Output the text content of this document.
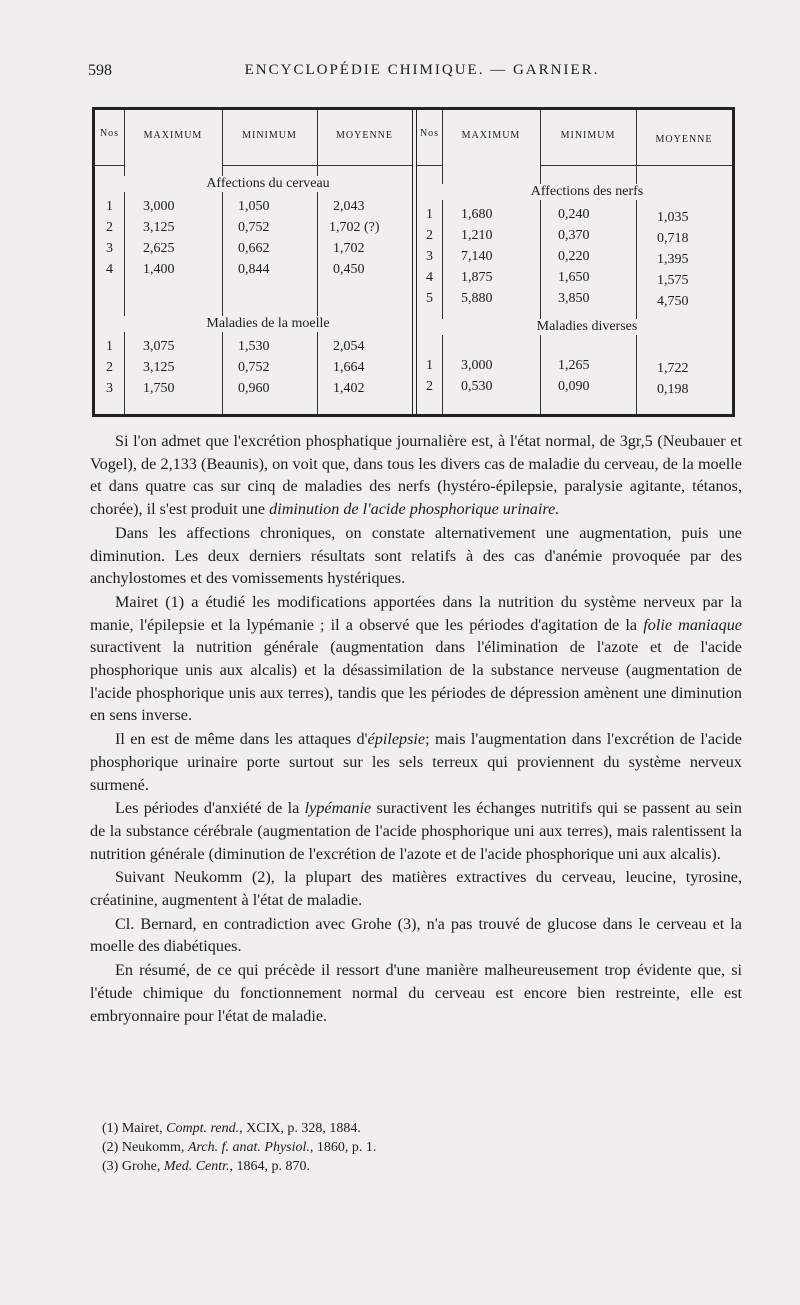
598	ENCYCLOPÉDIE CHIMIQUE. — GARNIER.
Nos	MAXIMUM	MINIMUM	MOYENNE
Affections du cerveau
1	3,000	1,050	2,043
2	3,125	0,752	1,702 (?)
3	2,625	0,662	1,702
4	1,400	0,844	0,450
Maladies de la moelle
1	3,075	1,530	2,054
2	3,125	0,752	1,664
3	1,750	0,960	1,402
Nos	MAXIMUM	MINIMUM	MOYENNE
Affections des nerfs
1	1,680	0,240	1,035
2	1,210	0,370	0,718
3	7,140	0,220	1,395
4	1,875	1,650	1,575
5	5,880	3,850	4,750
Maladies diverses
1	3,000	1,265	1,722
2	0,530	0,090	0,198

Si l'on admet que l'excrétion phosphatique journalière est, à l'état normal, de 3gr,5 (Neubauer et Vogel), de 2,133 (Beaunis), on voit que, dans tous les divers cas de maladie du cerveau, de la moelle et dans quatre cas sur cinq de maladies des nerfs (hystéro-épilepsie, paralysie agitante, tétanos, chorée), il s'est produit une diminution de l'acide phosphorique urinaire.

Dans les affections chroniques, on constate alternativement une augmentation, puis une diminution. Les deux derniers résultats sont relatifs à des cas d'anémie provoquée par des anchylostomes et des vomissements hystériques.

Mairet (1) a étudié les modifications apportées dans la nutrition du système nerveux par la manie, l'épilepsie et la lypémanie ; il a observé que les périodes d'agitation de la folie maniaque suractivent la nutrition générale (augmentation dans l'élimination de l'azote et de l'acide phosphorique unis aux alcalis) et la désassimilation de la substance nerveuse (augmentation de l'acide phosphorique unis aux terres), tandis que les périodes de dépression amènent une diminution en sens inverse.

Il en est de même dans les attaques d'épilepsie; mais l'augmentation dans l'excrétion de l'acide phosphorique urinaire porte surtout sur les sels terreux qui proviennent du système nerveux surmené.

Les périodes d'anxiété de la lypémanie suractivent les échanges nutritifs qui se passent au sein de la substance cérébrale (augmentation de l'acide phosphorique uni aux terres), mais ralentissent la nutrition générale (diminution de l'excrétion de l'azote et de l'acide phosphorique uni aux alcalis).

Suivant Neukomm (2), la plupart des matières extractives du cerveau, leucine, tyrosine, créatinine, augmentent à l'état de maladie.

Cl. Bernard, en contradiction avec Grohe (3), n'a pas trouvé de glucose dans le cerveau et la moelle des diabétiques.

En résumé, de ce qui précède il ressort d'une manière malheureusement trop évidente que, si l'étude chimique du fonctionnement normal du cerveau est encore bien restreinte, elle est embryonnaire pour l'état de maladie.

(1) Mairet, Compt. rend., XCIX, p. 328, 1884.
(2) Neukomm, Arch. f. anat. Physiol., 1860, p. 1.
(3) Grohe, Med. Centr., 1864, p. 870.
